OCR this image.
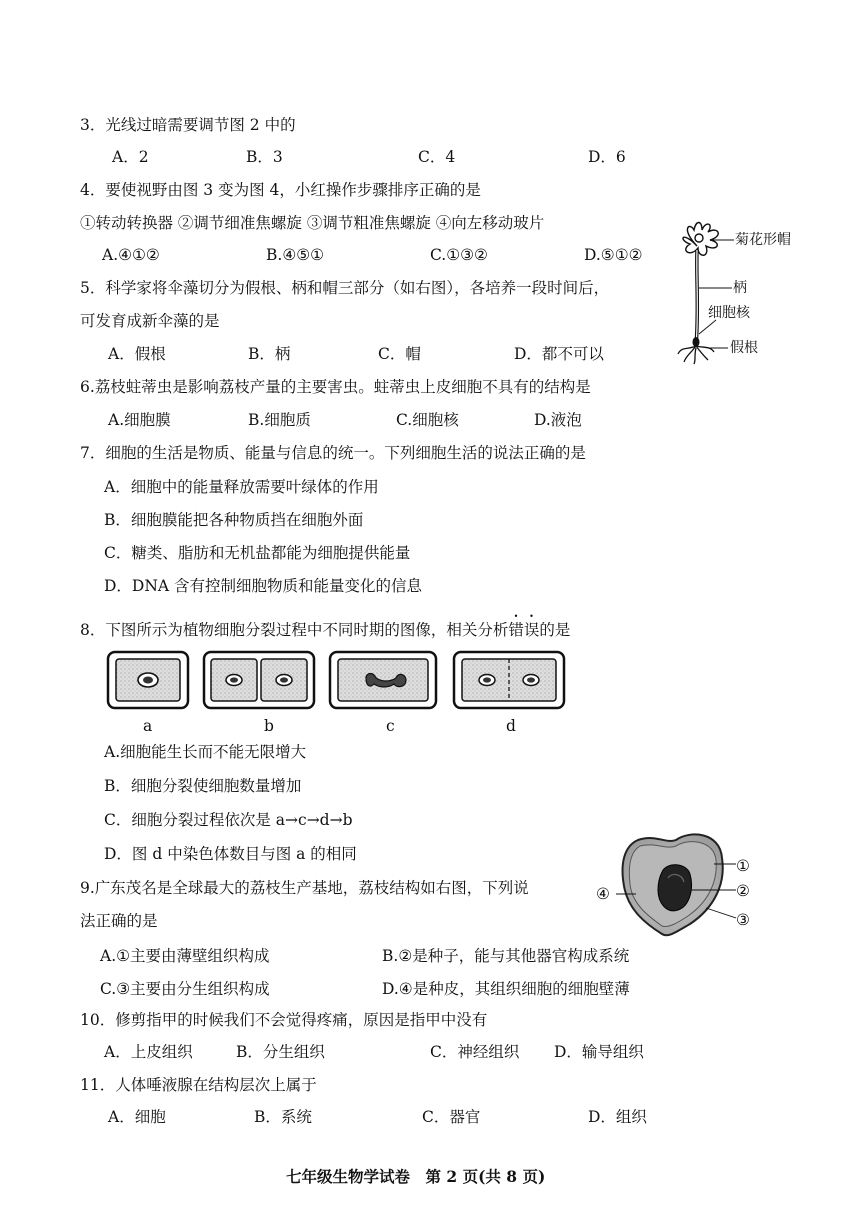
3．光线过暗需要调节图 2 中的
A．2	B．3	C．4	D．6
4．要使视野由图 3 变为图 4，小红操作步骤排序正确的是
①转动转换器 ②调节细准焦螺旋 ③调节粗准焦螺旋 ④向左移动玻片
A.④①②	B.④⑤①	C.①③②	D.⑤①②
5．科学家将伞藻切分为假根、柄和帽三部分（如右图），各培养一段时间后，
可发育成新伞藻的是
A．假根	B．柄	C．帽	D．都不可以
菊花形帽
柄
细胞核
假根
6.荔枝蛀蒂虫是影响荔枝产量的主要害虫。蛀蒂虫上皮细胞不具有的结构是
A.细胞膜	B.细胞质	C.细胞核	D.液泡
7．细胞的生活是物质、能量与信息的统一。下列细胞生活的说法正确的是
A．细胞中的能量释放需要叶绿体的作用
B．细胞膜能把各种物质挡在细胞外面
C．糖类、脂肪和无机盐都能为细胞提供能量
D．DNA 含有控制细胞物质和能量变化的信息
8．下图所示为植物细胞分裂过程中不同时期的图像，相关分析错误的是
a	b	c	d
A.细胞能生长而不能无限增大
B．细胞分裂使细胞数量增加
C．细胞分裂过程依次是 a→c→d→b
D．图 d 中染色体数目与图 a 的相同
9.广东茂名是全球最大的荔枝生产基地，荔枝结构如右图，下列说
法正确的是
①
②
③
④
A.①主要由薄壁组织构成	B.②是种子，能与其他器官构成系统
C.③主要由分生组织构成	D.④是种皮，其组织细胞的细胞壁薄
10．修剪指甲的时候我们不会觉得疼痛，原因是指甲中没有
A．上皮组织	B．分生组织	C．神经组织 D．输导组织
11．人体唾液腺在结构层次上属于
A．细胞	B．系统	C．器官	D．组织
七年级生物学试卷　第 2 页(共 8 页)
